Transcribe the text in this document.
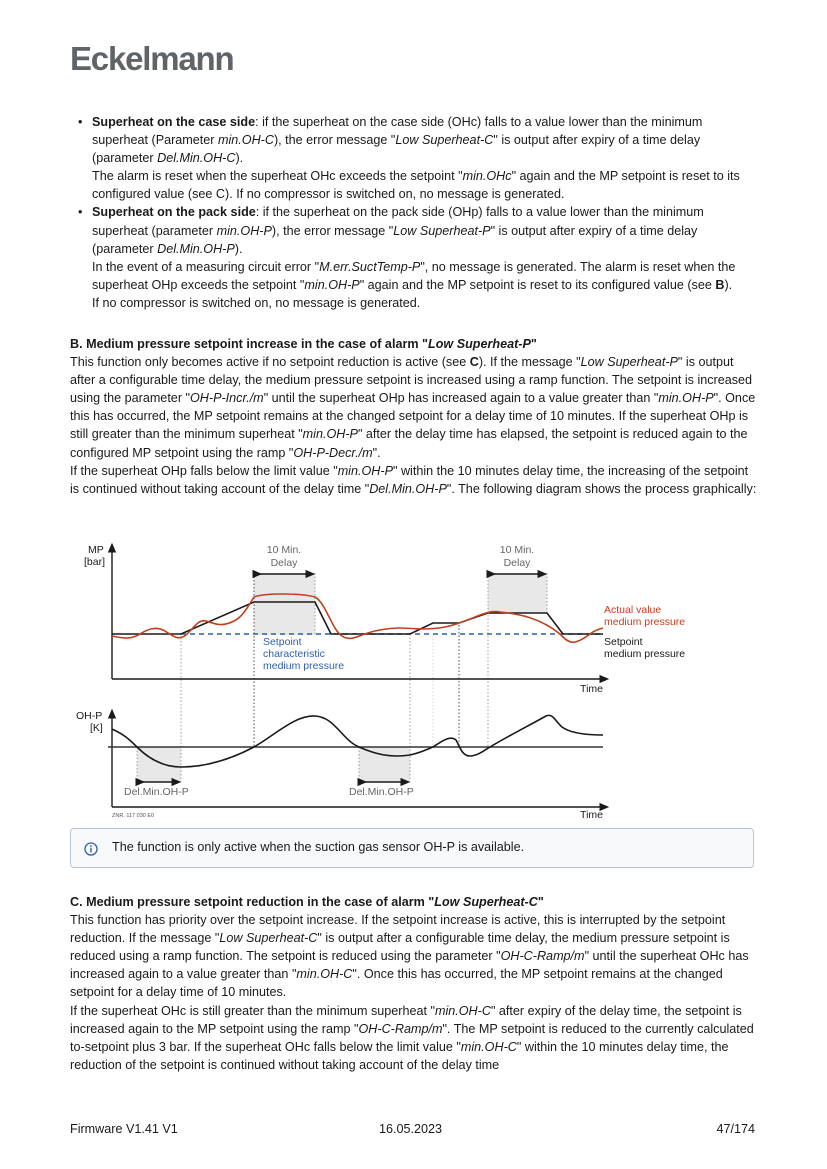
Eckelmann
• Superheat on the case side: if the superheat on the case side (OHc) falls to a value lower than the minimum superheat (Parameter min.OH-C), the error message "Low Superheat-C" is output after expiry of a time delay (parameter Del.Min.OH-C).
The alarm is reset when the superheat OHc exceeds the setpoint "min.OHc" again and the MP setpoint is reset to its configured value (see C). If no compressor is switched on, no message is generated.
• Superheat on the pack side: if the superheat on the pack side (OHp) falls to a value lower than the minimum superheat (parameter min.OH-P), the error message "Low Superheat-P" is output after expiry of a time delay (parameter Del.Min.OH-P).
In the event of a measuring circuit error "M.err.SuctTemp-P", no message is generated. The alarm is reset when the superheat OHp exceeds the setpoint "min.OH-P" again and the MP setpoint is reset to its configured value (see B).
If no compressor is switched on, no message is generated.

B. Medium pressure setpoint increase in the case of alarm "Low Superheat-P"

This function only becomes active if no setpoint reduction is active (see C). If the message "Low Superheat-P" is output after a configurable time delay, the medium pressure setpoint is increased using a ramp function. The setpoint is increased using the parameter "OH-P-Incr./m" until the superheat OHp has increased again to a value greater than "min.OH-P". Once this has occurred, the MP setpoint remains at the changed setpoint for a delay time of 10 minutes. If the superheat OHp is still greater than the minimum superheat "min.OH-P" after the delay time has elapsed, the setpoint is reduced again to the configured MP setpoint using the ramp "OH-P-Decr./m".

If the superheat OHp falls below the limit value "min.OH-P" within the 10 minutes delay time, the increasing of the setpoint is continued without taking account of the delay time "Del.Min.OH-P". The following diagram shows the process graphically:

MP
[bar]
10 Min.
Delay
10 Min.
Delay
Setpoint
characteristic
medium pressure
Actual value
medium pressure
Setpoint
medium pressure
Time
OH-P
[K]
Del.Min.OH-P	Del.Min.OH-P
Time
ZNR. 117 030 E0
The function is only active when the suction gas sensor OH-P is available.

C. Medium pressure setpoint reduction in the case of alarm "Low Superheat-C"

This function has priority over the setpoint increase. If the setpoint increase is active, this is interrupted by the setpoint reduction. If the message "Low Superheat-C" is output after a configurable time delay, the medium pressure setpoint is reduced using a ramp function. The setpoint is reduced using the parameter "OH-C-Ramp/m" until the superheat OHc has increased again to a value greater than "min.OH-C". Once this has occurred, the MP setpoint remains at the changed setpoint for a delay time of 10 minutes.

If the superheat OHc is still greater than the minimum superheat "min.OH-C" after expiry of the delay time, the setpoint is increased again to the MP setpoint using the ramp "OH-C-Ramp/m". The MP setpoint is reduced to the currently calculated to-setpoint plus 3 bar. If the superheat OHc falls below the limit value "min.OH-C" within the 10 minutes delay time, the reduction of the setpoint is continued without taking account of the delay time

Firmware V1.41 V1	16.05.2023	47/174
